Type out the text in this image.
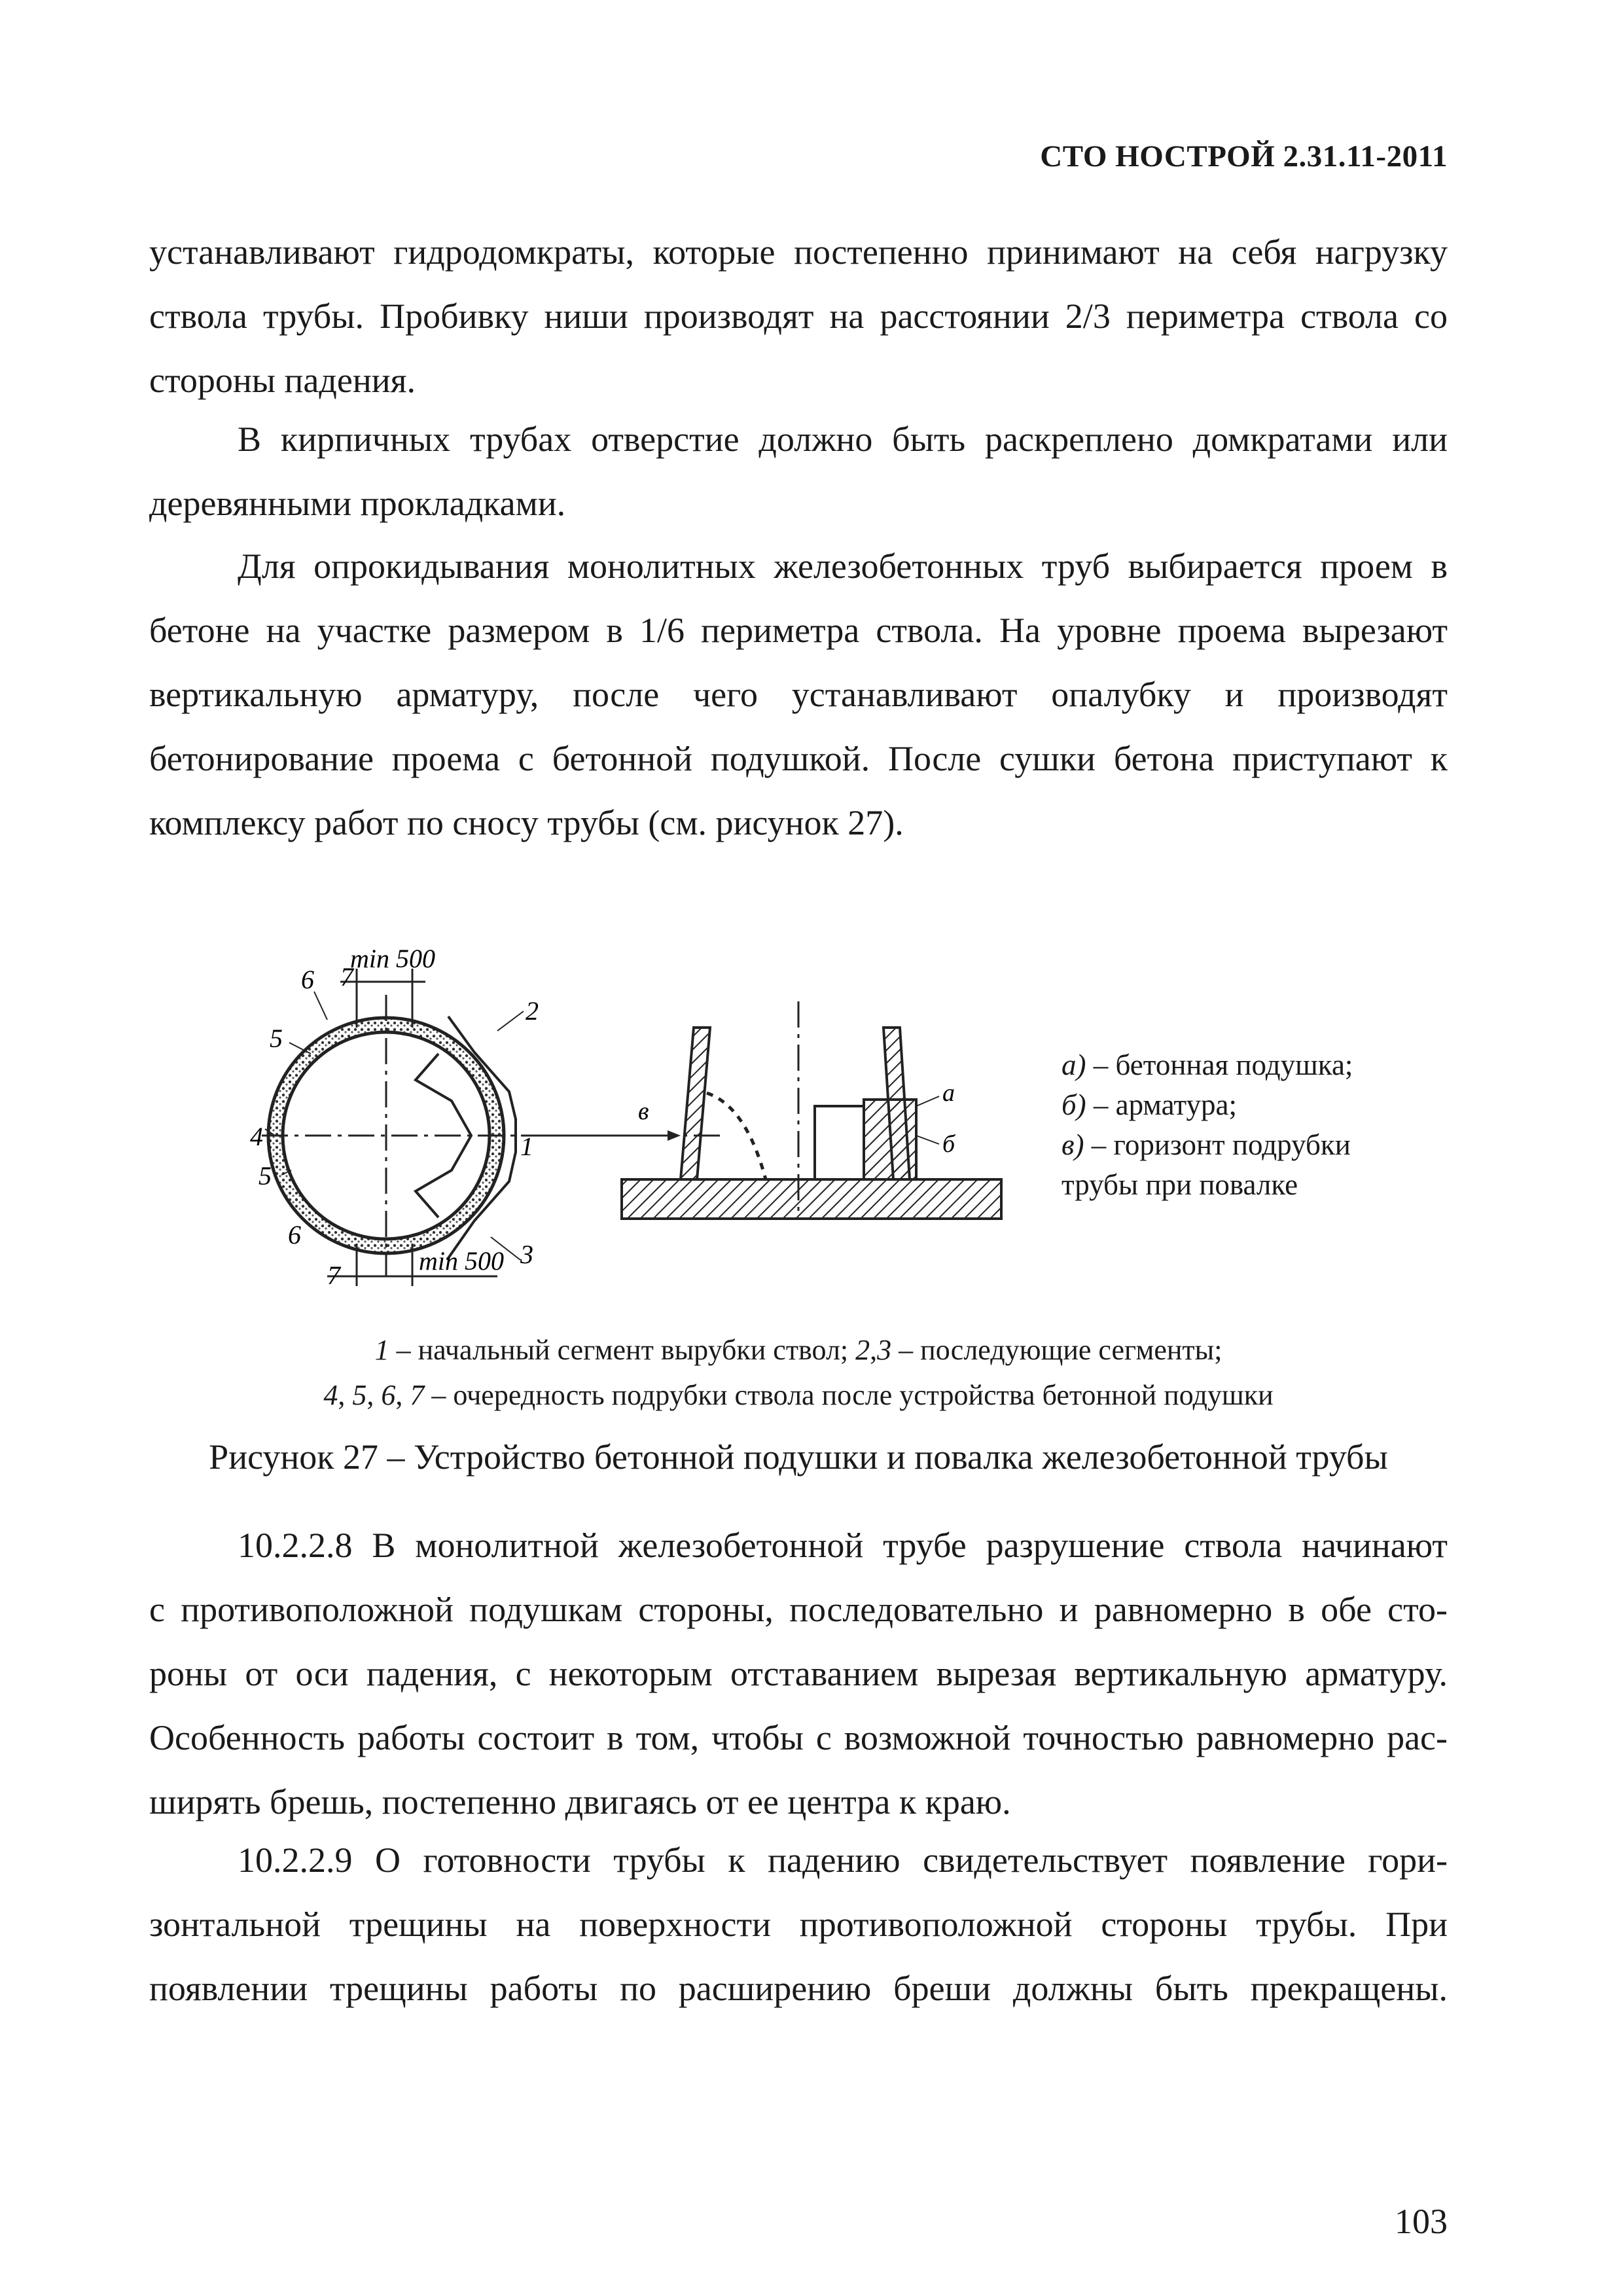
СТО НОСТРОЙ 2.31.11-2011
устанавливают гидродомкраты, которые постепенно принимают на себя нагрузку
ствола трубы. Пробивку ниши производят на расстоянии 2/3 периметра ствола со
стороны падения.
В кирпичных трубах отверстие должно быть раскреплено домкратами или
деревянными прокладками.
Для опрокидывания монолитных железобетонных труб выбирается проем в
бетоне на участке размером в 1/6 периметра ствола. На уровне проема вырезают
вертикальную арматуру, после чего устанавливают опалубку и производят
бетонирование проема с бетонной подушкой. После сушки бетона приступают к
комплексу работ по сносу трубы (см. рисунок 27).
min 500
min 500
6 7
2
5
1
4
5
3
6
7
в
а
б
а) – бетонная подушка;
б) – арматура;
в) – горизонт подрубки
трубы при повалке
1 – начальный сегмент вырубки ствол; 2,3 – последующие сегменты;
4, 5, 6, 7 – очередность подрубки ствола после устройства бетонной подушки
Рисунок 27 – Устройство бетонной подушки и повалка железобетонной трубы
10.2.2.8 В монолитной железобетонной трубе разрушение ствола начинают
с противоположной подушкам стороны, последовательно и равномерно в обе сто-
роны от оси падения, с некоторым отставанием вырезая вертикальную арматуру.
Особенность работы состоит в том, чтобы с возможной точностью равномерно рас-
ширять брешь, постепенно двигаясь от ее центра к краю.
10.2.2.9 О готовности трубы к падению свидетельствует появление гори-
зонтальной трещины на поверхности противоположной стороны трубы. При
появлении трещины работы по расширению бреши должны быть прекращены.
103
